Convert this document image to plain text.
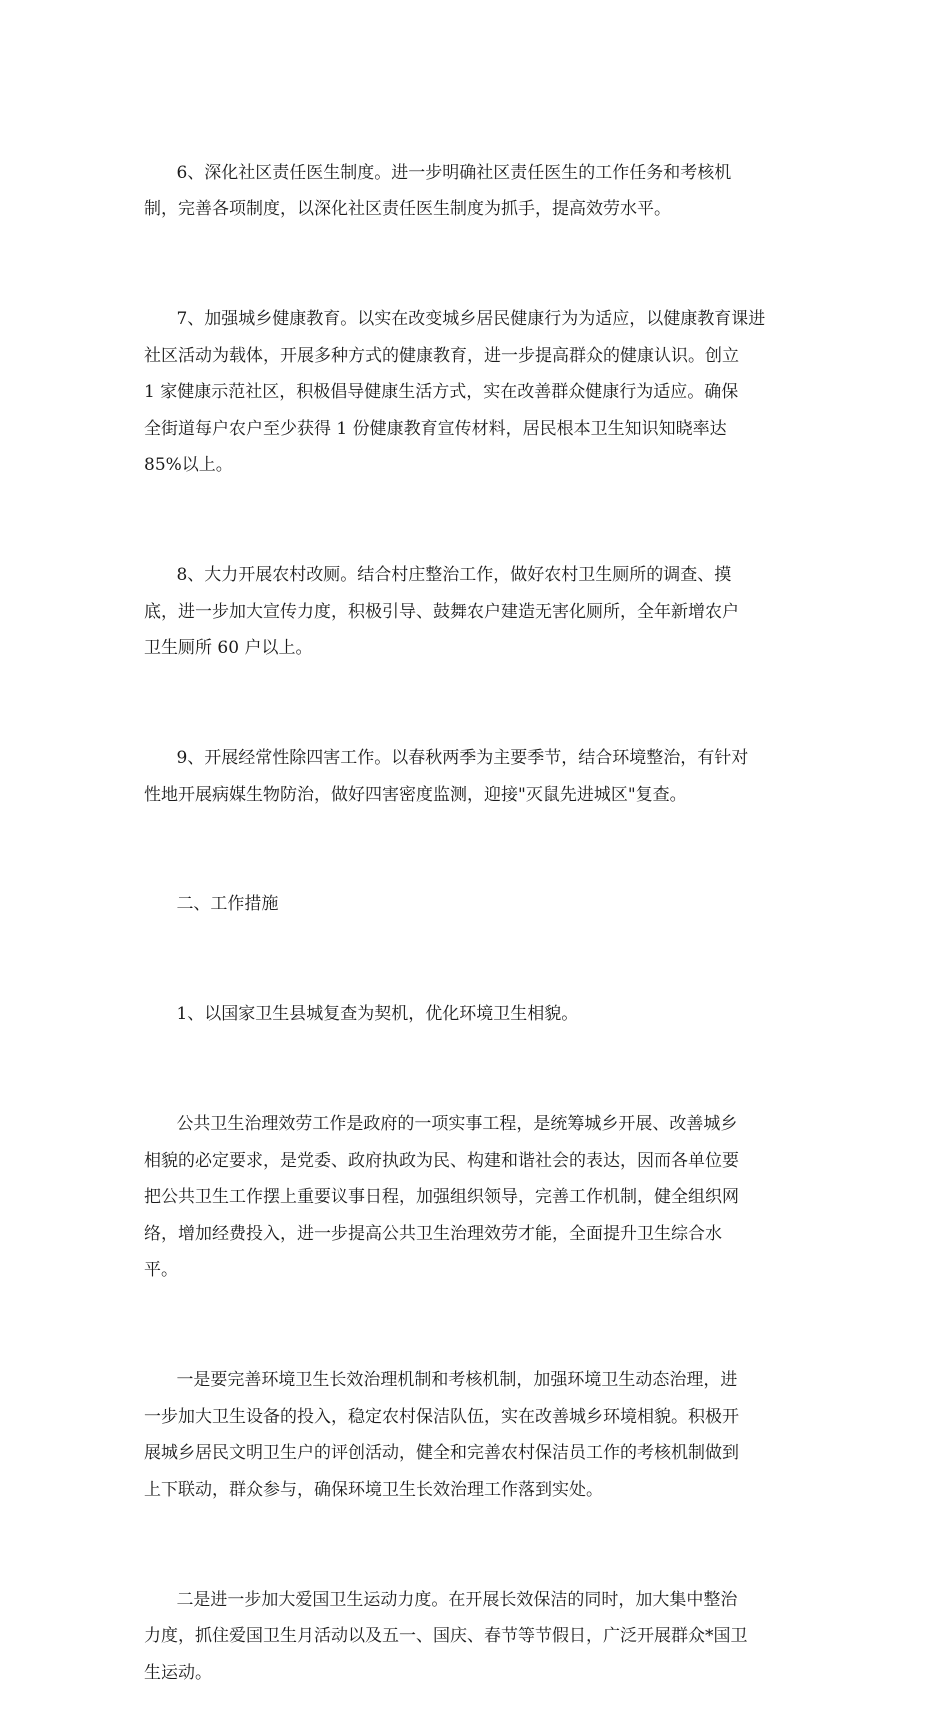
6、深化社区责任医生制度。进一步明确社区责任医生的工作任务和考核机
制，完善各项制度，以深化社区责任医生制度为抓手，提高效劳水平。

7、加强城乡健康教育。以实在改变城乡居民健康行为为适应，以健康教育课进
社区活动为载体，开展多种方式的健康教育，进一步提高群众的健康认识。创立
1 家健康示范社区，积极倡导健康生活方式，实在改善群众健康行为适应。确保
全街道每户农户至少获得 1 份健康教育宣传材料，居民根本卫生知识知晓率达
85%以上。

8、大力开展农村改厕。结合村庄整治工作，做好农村卫生厕所的调查、摸
底，进一步加大宣传力度，积极引导、鼓舞农户建造无害化厕所，全年新增农户
卫生厕所 60 户以上。

9、开展经常性除四害工作。以春秋两季为主要季节，结合环境整治，有针对
性地开展病媒生物防治，做好四害密度监测，迎接"灭鼠先进城区"复查。

二、工作措施

1、以国家卫生县城复查为契机，优化环境卫生相貌。

公共卫生治理效劳工作是政府的一项实事工程，是统筹城乡开展、改善城乡
相貌的必定要求，是党委、政府执政为民、构建和谐社会的表达，因而各单位要
把公共卫生工作摆上重要议事日程，加强组织领导，完善工作机制，健全组织网
络，增加经费投入，进一步提高公共卫生治理效劳才能，全面提升卫生综合水
平。

一是要完善环境卫生长效治理机制和考核机制，加强环境卫生动态治理，进
一步加大卫生设备的投入，稳定农村保洁队伍，实在改善城乡环境相貌。积极开
展城乡居民文明卫生户的评创活动，健全和完善农村保洁员工作的考核机制做到
上下联动，群众参与，确保环境卫生长效治理工作落到实处。

二是进一步加大爱国卫生运动力度。在开展长效保洁的同时，加大集中整治
力度，抓住爱国卫生月活动以及五一、国庆、春节等节假日，广泛开展群众*国卫
生运动。
